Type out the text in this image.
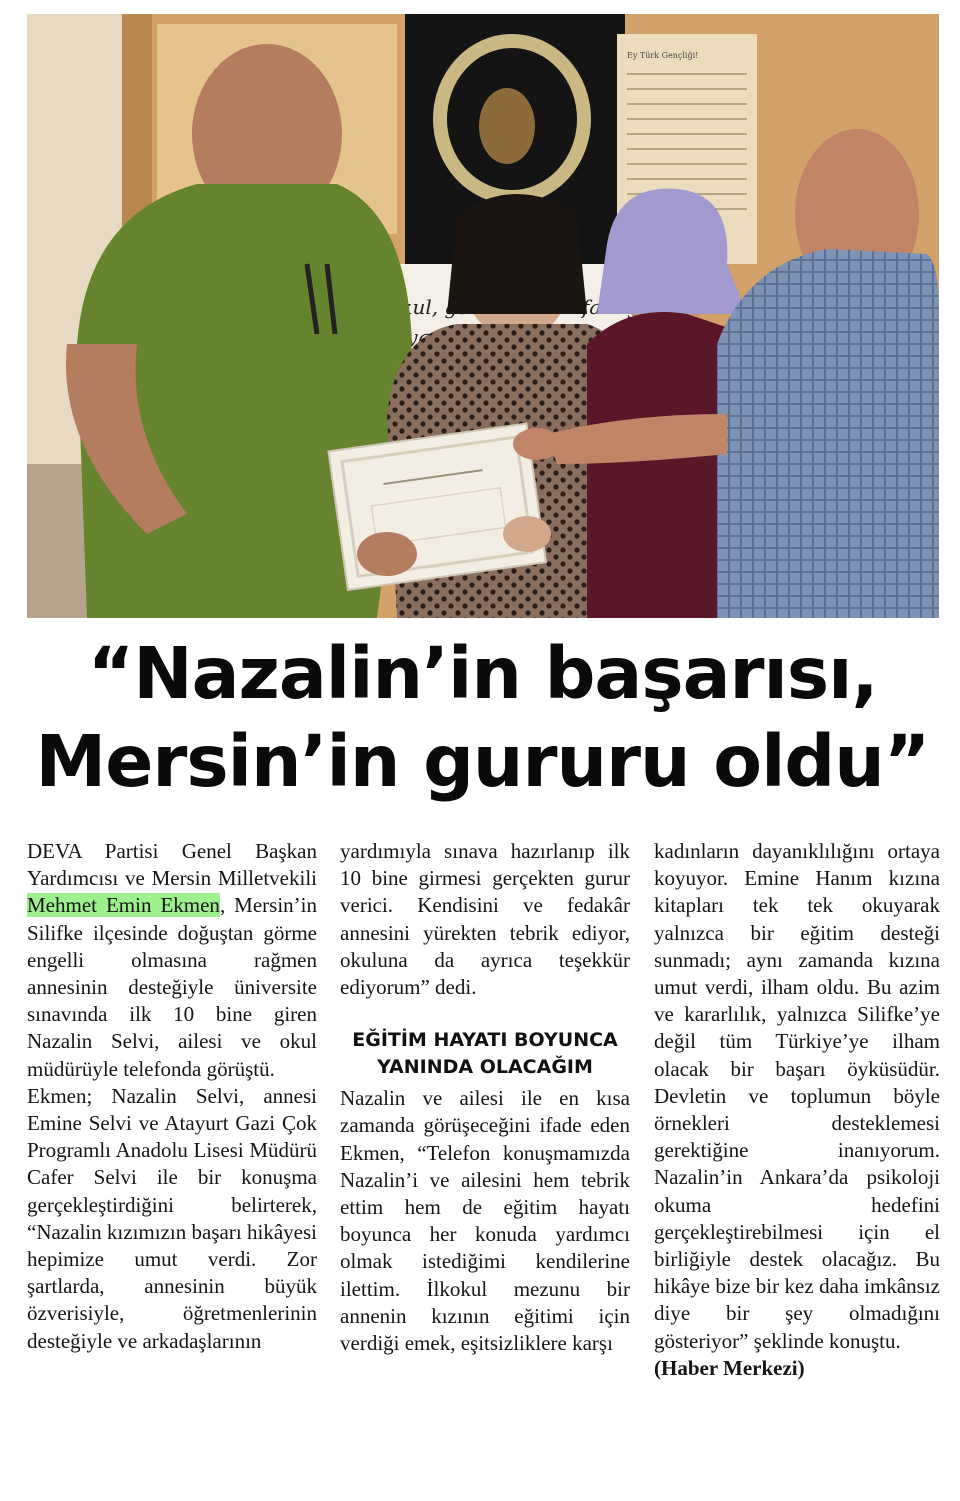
Ey Türk Gençliği!
Okul,
“Nazalin’in başarısı,
Mersin’in gururu oldu”

DEVA Partisi Genel Başkan Yardımcısı ve Mersin Milletvekili Mehmet Emin Ekmen, Mersin’in Silifke ilçesinde doğuştan görme engelli olmasına rağmen annesinin desteğiyle üniversite sınavında ilk 10 bine giren Nazalin Selvi, ailesi ve okul müdürüyle telefonda görüştü.

Ekmen; Nazalin Selvi, annesi Emine Selvi ve Atayurt Gazi Çok Programlı Anadolu Lisesi Müdürü Cafer Selvi ile bir konuşma gerçekleştirdiğini belirterek, “Nazalin kızımızın başarı hikâyesi hepimize umut verdi. Zor şartlarda, annesinin büyük özverisiyle, öğretmenlerinin desteğiyle ve arkadaşlarının

yardımıyla sınava hazırlanıp ilk 10 bine girmesi gerçekten gurur verici. Kendisini ve fedakâr annesini yürekten tebrik ediyor, okuluna da ayrıca teşekkür ediyorum” dedi.

EĞİTİM HAYATI BOYUNCA YANINDA OLACAĞIM

Nazalin ve ailesi ile en kısa zamanda görüşeceğini ifade eden Ekmen, “Telefon konuşmamızda Nazalin’i ve ailesini hem tebrik ettim hem de eğitim hayatı boyunca her konuda yardımcı olmak istediğimi kendilerine ilettim. İlkokul mezunu bir annenin kızının eğitimi için verdiği emek, eşitsizliklere karşı

kadınların dayanıklılığını ortaya koyuyor. Emine Hanım kızına kitapları tek tek okuyarak yalnızca bir eğitim desteği sunmadı; aynı zamanda kızına umut verdi, ilham oldu. Bu azim ve kararlılık, yalnızca Silifke’ye değil tüm Türkiye’ye ilham olacak bir başarı öyküsüdür. Devletin ve toplumun böyle örnekleri desteklemesi gerektiğine inanıyorum. Nazalin’in Ankara’da psikoloji okuma hedefini gerçekleştirebilmesi için el birliğiyle destek olacağız. Bu hikâye bize bir kez daha imkânsız diye bir şey olmadığını gösteriyor” şeklinde konuştu.

(Haber Merkezi)
